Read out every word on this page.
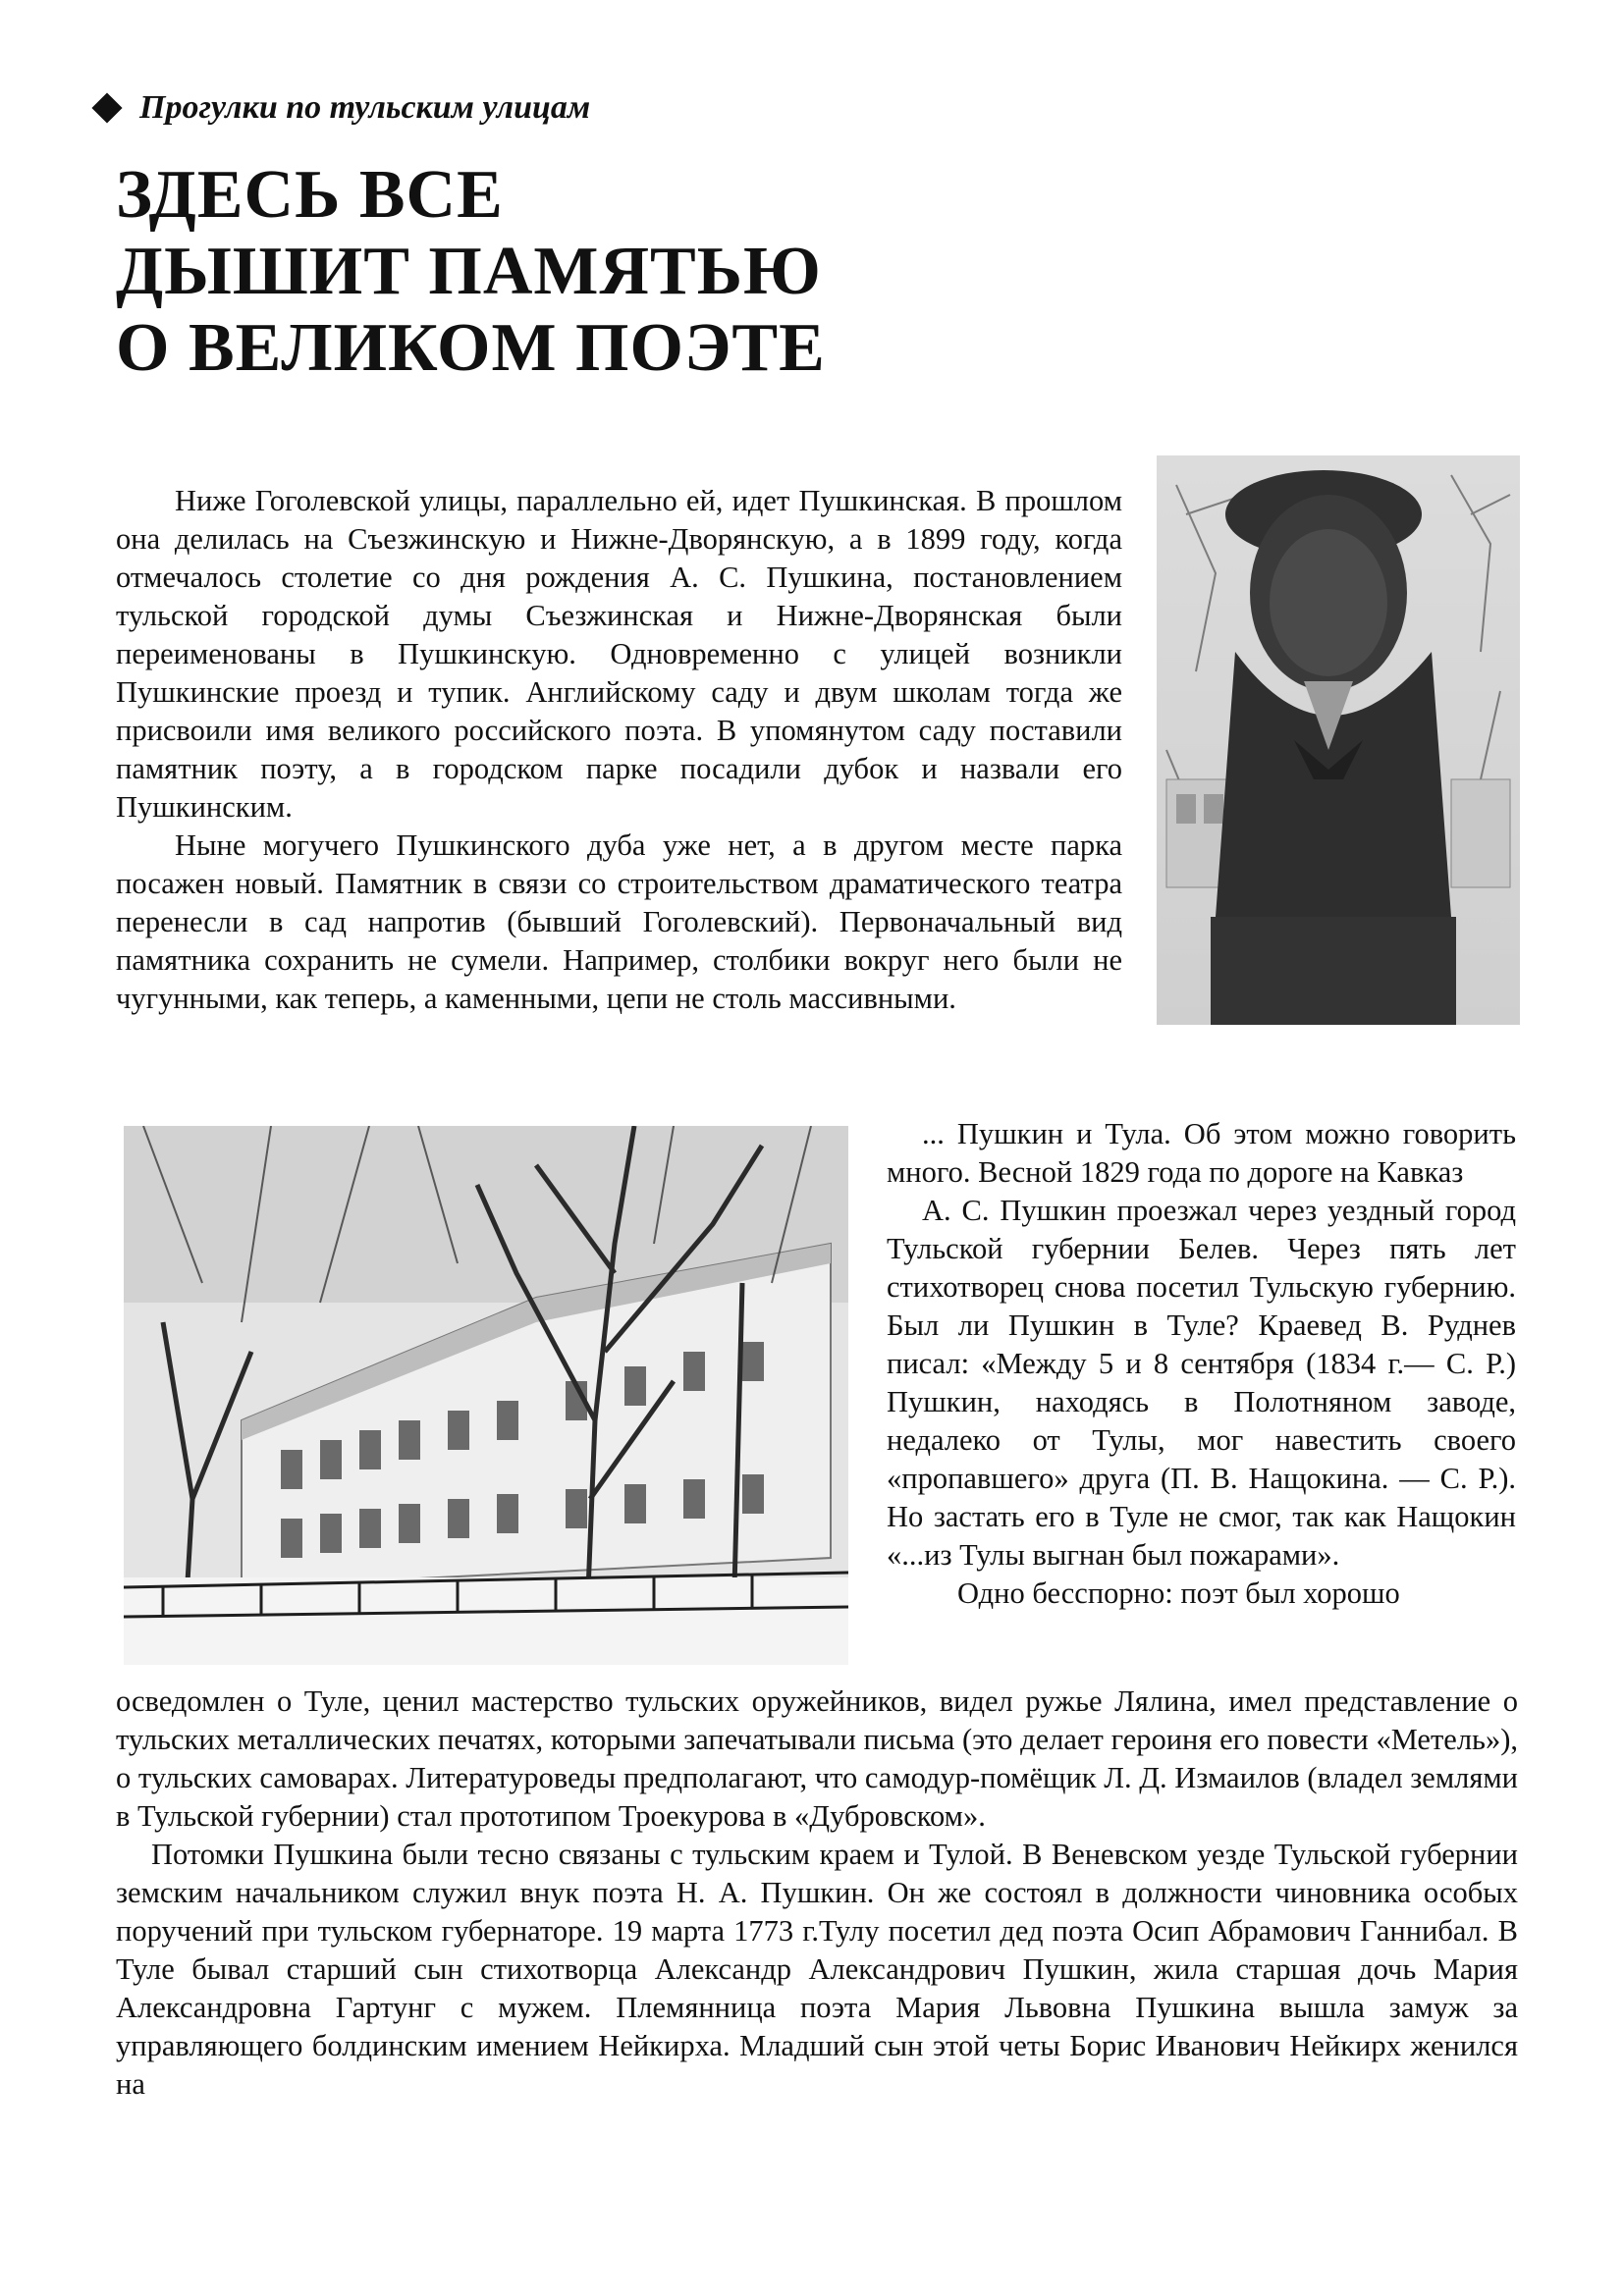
Прогулки по тульским улицам
ЗДЕСЬ ВСЕ
ДЫШИТ ПАМЯТЬЮ
О ВЕЛИКОМ ПОЭТЕ

Ниже Гоголевской улицы, параллельно ей, идет Пушкинская. В прошлом она делилась на Съезжинскую и Нижне-Дворянскую, а в 1899 году, когда отмечалось столетие со дня рождения А. С. Пушкина, постановлением тульской городской думы Съезжинская и Нижне-Дворянская были переименованы в Пушкинскую. Одновременно с улицей возникли Пушкинские проезд и тупик. Английскому саду и двум школам тогда же присвоили имя великого российского поэта. В упомянутом саду поставили памятник поэту, а в городском парке посадили дубок и назвали его Пушкинским.

Ныне могучего Пушкинского дуба уже нет, а в другом месте парка посажен новый. Памятник в связи со строительством драматического театра перенесли в сад напротив (бывший Гоголевский). Первоначальный вид памятника сохранить не сумели. Например, столбики вокруг него были не чугунными, как теперь, а каменными, цепи не столь массивными.

... Пушкин и Тула. Об этом можно говорить много. Весной 1829 года по дороге на Кавказ

А. С. Пушкин проезжал через уездный город Тульской губернии Белев. Через пять лет стихотворец снова посетил Тульскую губернию. Был ли Пушкин в Туле? Краевед В. Руднев писал: «Между 5 и 8 сентября (1834 г.— С. Р.) Пушкин, находясь в Полотняном заводе, недалеко от Тулы, мог навестить своего «пропавшего» друга (П. В. Нащокина. — С. Р.). Но застать его в Туле не смог, так как Нащокин «...из Тулы выгнан был пожарами».

Одно бесспорно: поэт был хорошо

осведомлен о Туле, ценил мастерство тульских оружейников, видел ружье Лялина, имел представление о тульских металлических печатях, которыми запечатывали письма (это делает героиня его повести «Метель»), о тульских самоварах. Литературоведы предполагают, что самодур-помёщик Л. Д. Измаилов (владел землями в Тульской губернии) стал прототипом Троекурова в «Дубровском».

Потомки Пушкина были тесно связаны с тульским краем и Тулой. В Веневском уезде Тульской губернии земским начальником служил внук поэта Н. А. Пушкин. Он же состоял в должности чиновника особых поручений при тульском губернаторе. 19 марта 1773 г.Тулу посетил дед поэта Осип Абрамович Ганнибал. В Туле бывал старший сын стихотворца Александр Александрович Пушкин, жила старшая дочь Мария Александровна Гартунг с мужем. Племянница поэта Мария Львовна Пушкина вышла замуж за управляющего болдинским имением Нейкирха. Младший сын этой четы Борис Иванович Нейкирх женился на
